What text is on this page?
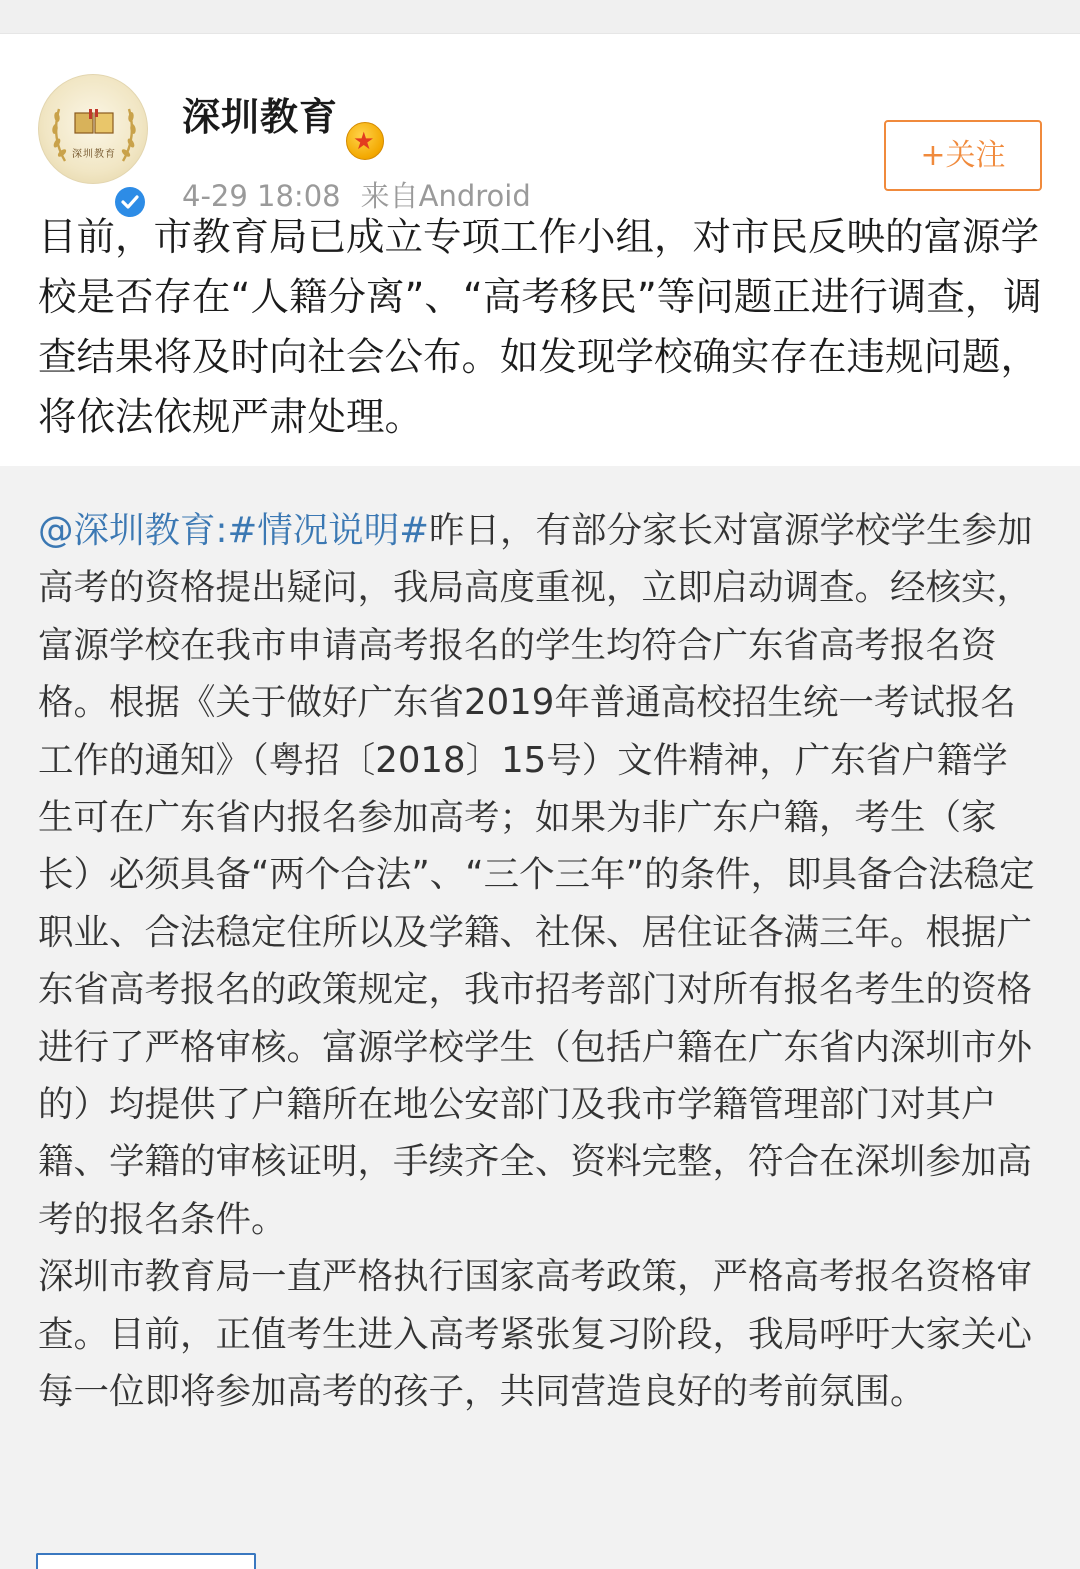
深圳教育
深圳教育
★
4-29 18:08 来自Android
+关注
目前，市教育局已成立专项工作小组，对市民反映的富源学校是否存在“人籍分离”、“高考移民”等问题正进行调查，调查结果将及时向社会公布。如发现学校确实存在违规问题，将依法依规严肃处理。
@深圳教育:#情况说明#昨日，有部分家长对富源学校学生参加高考的资格提出疑问，我局高度重视，立即启动调查。经核实，富源学校在我市申请高考报名的学生均符合广东省高考报名资格。根据《关于做好广东省2019年普通高校招生统一考试报名工作的通知》（粤招〔2018〕15号）文件精神，广东省户籍学生可在广东省内报名参加高考；如果为非广东户籍，考生（家长）必须具备“两个合法”、“三个三年”的条件，即具备合法稳定职业、合法稳定住所以及学籍、社保、居住证各满三年。根据广东省高考报名的政策规定，我市招考部门对所有报名考生的资格进行了严格审核。富源学校学生（包括户籍在广东省内深圳市外的）均提供了户籍所在地公安部门及我市学籍管理部门对其户籍、学籍的审核证明，手续齐全、资料完整，符合在深圳参加高考的报名条件。
深圳市教育局一直严格执行国家高考政策，严格高考报名资格审查。目前，正值考生进入高考紧张复习阶段，我局呼吁大家关心每一位即将参加高考的孩子，共同营造良好的考前氛围。
